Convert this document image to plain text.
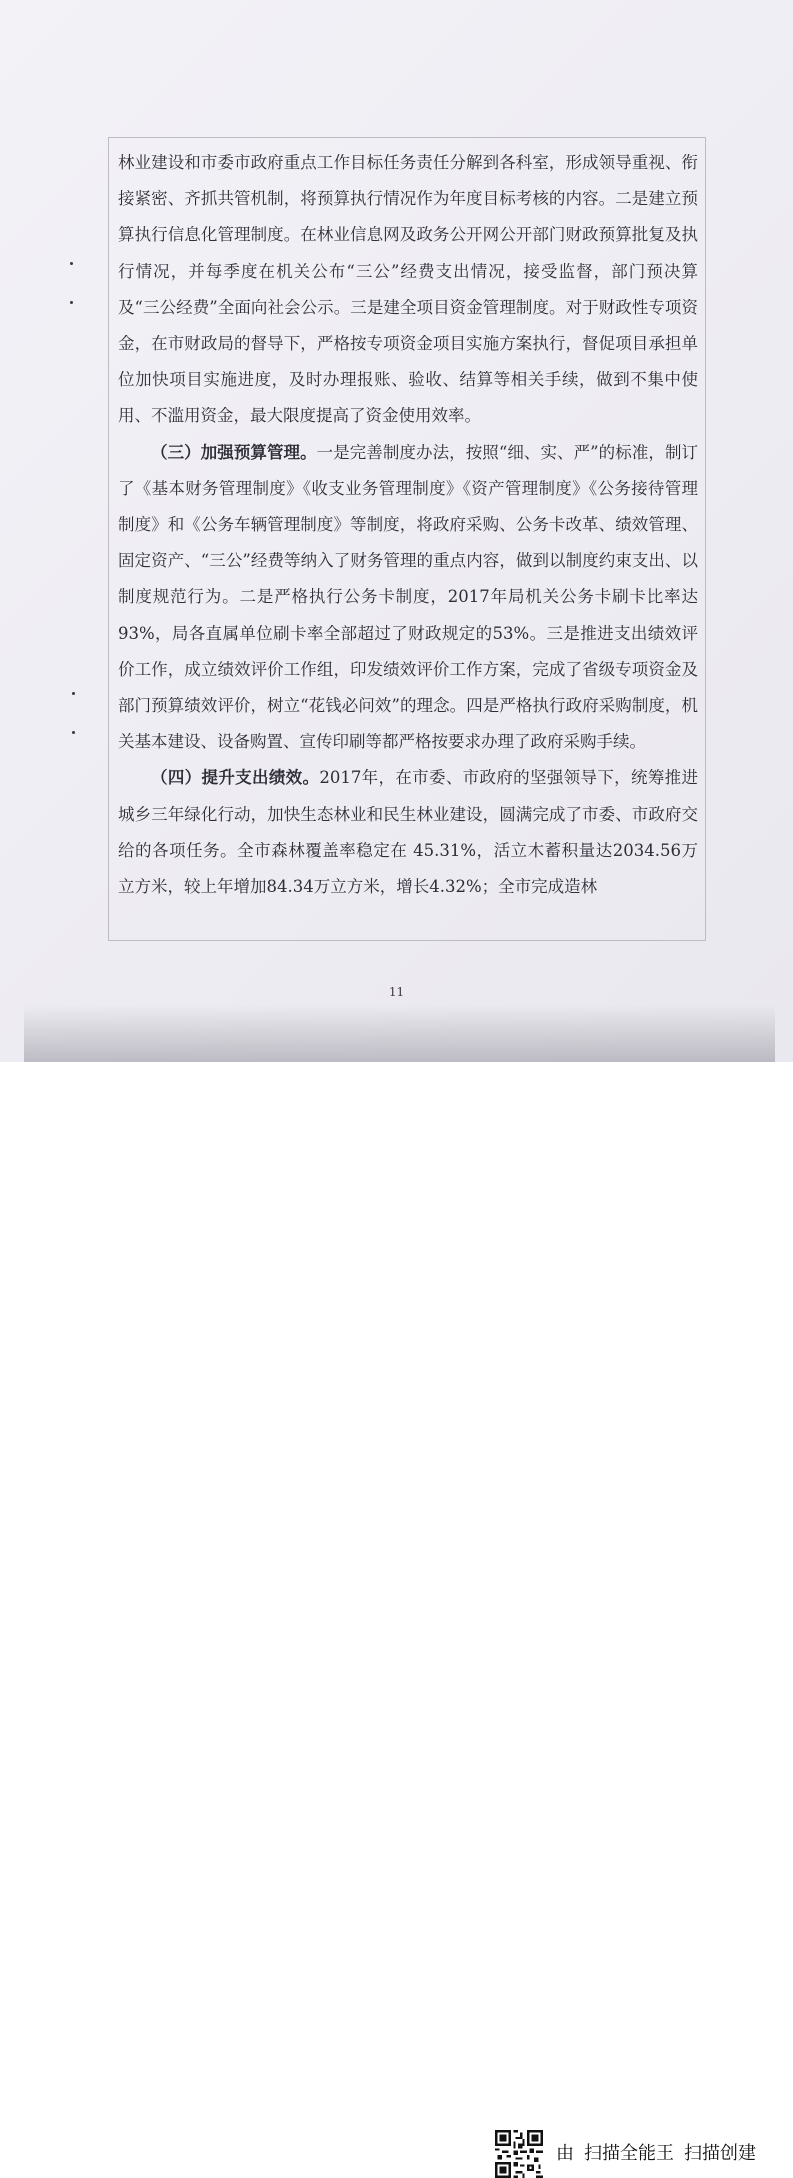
林业建设和市委市政府重点工作目标任务责任分解到各科室，形成领导重视、衔接紧密、齐抓共管机制，将预算执行情况作为年度目标考核的内容。二是建立预算执行信息化管理制度。在林业信息网及政务公开网公开部门财政预算批复及执行情况，并每季度在机关公布“三公”经费支出情况，接受监督，部门预决算及“三公经费”全面向社会公示。三是建全项目资金管理制度。对于财政性专项资金，在市财政局的督导下，严格按专项资金项目实施方案执行，督促项目承担单位加快项目实施进度，及时办理报账、验收、结算等相关手续，做到不集中使用、不滥用资金，最大限度提高了资金使用效率。

（三）加强预算管理。一是完善制度办法，按照“细、实、严”的标准，制订了《基本财务管理制度》《收支业务管理制度》《资产管理制度》《公务接待管理制度》和《公务车辆管理制度》等制度，将政府采购、公务卡改革、绩效管理、固定资产、“三公”经费等纳入了财务管理的重点内容，做到以制度约束支出、以制度规范行为。二是严格执行公务卡制度，2017年局机关公务卡刷卡比率达93%，局各直属单位刷卡率全部超过了财政规定的53%。三是推进支出绩效评价工作，成立绩效评价工作组，印发绩效评价工作方案，完成了省级专项资金及部门预算绩效评价，树立“花钱必问效”的理念。四是严格执行政府采购制度，机关基本建设、设备购置、宣传印刷等都严格按要求办理了政府采购手续。

（四）提升支出绩效。2017年，在市委、市政府的坚强领导下，统筹推进城乡三年绿化行动，加快生态林业和民生林业建设，圆满完成了市委、市政府交给的各项任务。全市森林覆盖率稳定在 45.31%，活立木蓄积量达2034.56万立方米，较上年增加84.34万立方米，增长4.32%；全市完成造林

11
由 扫描全能王 扫描创建
